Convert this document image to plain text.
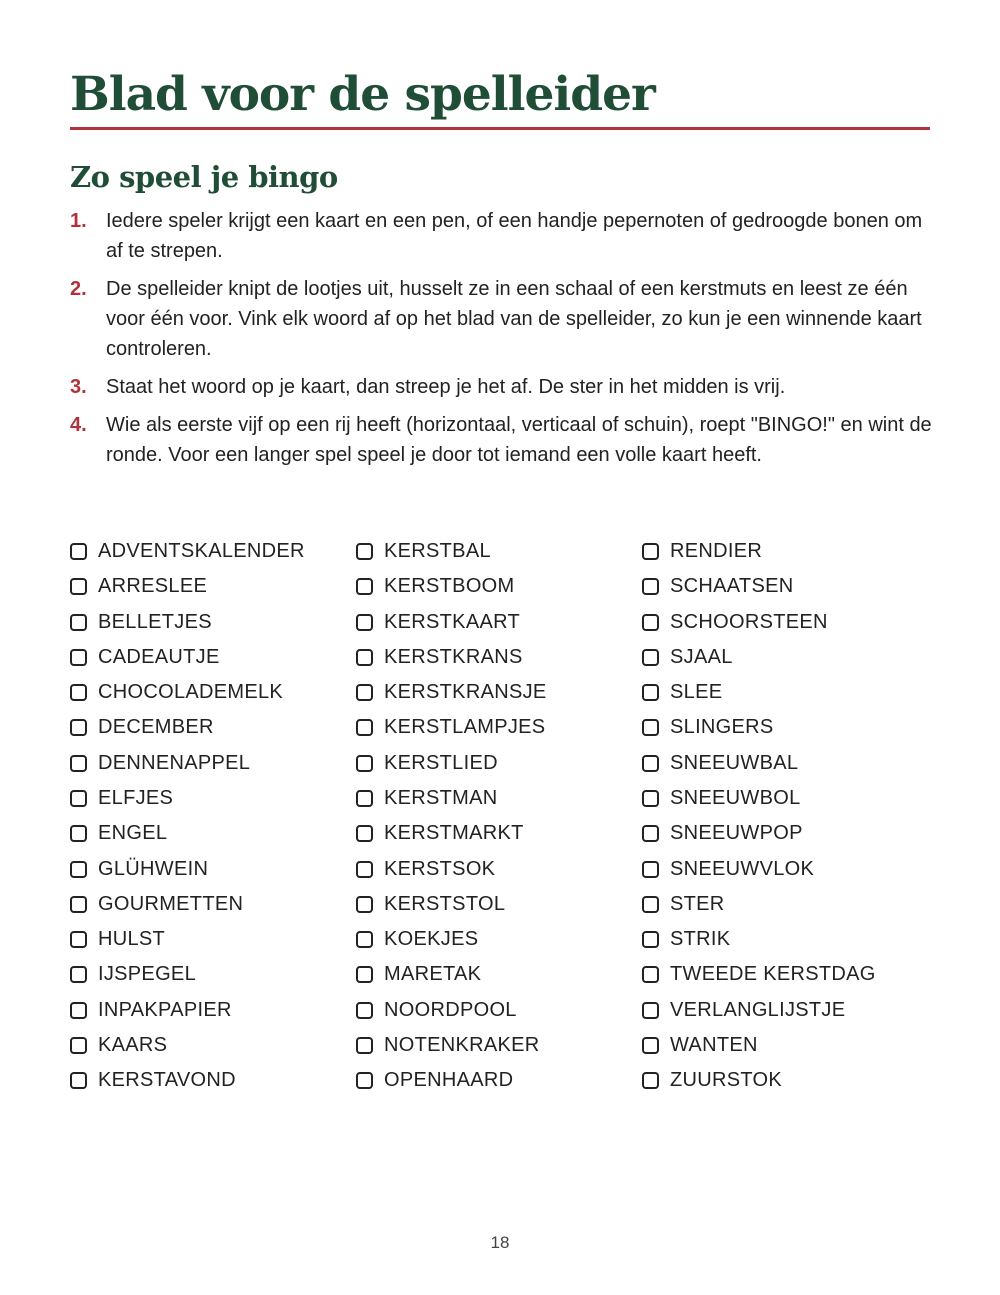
Blad voor de spelleider
Zo speel je bingo
1. Iedere speler krijgt een kaart en een pen, of een handje pepernoten of gedroogde bonen om af te strepen.
2. De spelleider knipt de lootjes uit, husselt ze in een schaal of een kerstmuts en leest ze één voor één voor. Vink elk woord af op het blad van de spelleider, zo kun je een winnende kaart controleren.
3. Staat het woord op je kaart, dan streep je het af. De ster in het midden is vrij.
4. Wie als eerste vijf op een rij heeft (horizontaal, verticaal of schuin), roept "BINGO!" en wint de ronde. Voor een langer spel speel je door tot iemand een volle kaart heeft.
ADVENTSKALENDER
ARRESLEE
BELLETJES
CADEAUTJE
CHOCOLADEMELK
DECEMBER
DENNENAPPEL
ELFJES
ENGEL
GLÜHWEIN
GOURMETTEN
HULST
IJSPEGEL
INPAKPAPIER
KAARS
KERSTAVOND
KERSTBAL
KERSTBOOM
KERSTKAART
KERSTKRANS
KERSTKRANSJE
KERSTLAMPJES
KERSTLIED
KERSTMAN
KERSTMARKT
KERSTSOK
KERSTSTOL
KOEKJES
MARETAK
NOORDPOOL
NOTENKRAKER
OPENHAARD
RENDIER
SCHAATSEN
SCHOORSTEEN
SJAAL
SLEE
SLINGERS
SNEEUWBAL
SNEEUWBOL
SNEEUWPOP
SNEEUWVLOK
STER
STRIK
TWEEDE KERSTDAG
VERLANGLIJSTJE
WANTEN
ZUURSTOK
18
